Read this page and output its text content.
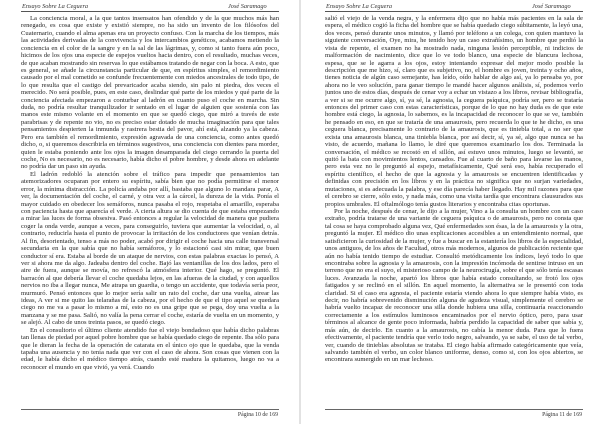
Ensayo Sobre La Ceguera	José Saramago

La conciencia moral, a la que tantos insensatos han ofendido y de la que muchos más han renegado, es cosa que existe y existió siempre, no ha sido un invento de los filósofos del Cuaternario, cuando el alma apenas era un proyecto confuso. Con la marcha de los tiempos, más las actividades derivadas de la convivencia y los intercambios genéticos, acabamos metiendo la conciencia en el color de la sangre y en la sal de las lágrimas, y, como si tanto fuera aún poco, hicimos de los ojos una especie de espejos vueltos hacia dentro, con el resultado, muchas veces, de que acaban mostrando sin reservas lo que estábamos tratando de negar con la boca. A esto, que es general, se añade la circunstancia particular de que, en espíritus simples, el remordimiento causado por el mal cometido se confunde frecuentemente con miedos ancestrales de todo tipo, de lo que resulta que el castigo del prevaricador acaba siendo, sin palo ni piedra, dos veces el merecido. No será posible, pues, en este caso, deslindar qué parte de los miedos y qué parte de la conciencia afectada empezaron a conturbar al ladrón en cuanto puso el coche en marcha. Sin duda, no podría resultar tranquilizador ir sentado en el lugar de alguien que sostenía con las manos este mismo volante en el momento en que se quedó ciego, que miró a través de este parabrisas y de repente no vio, no es preciso estar dotado de mucha imaginación para que tales pensamientos despierten la inmunda y rastrera bestia del pavor, ahí está, alzando ya la cabeza. Pero era también el remordimiento, expresión agravada de una conciencia, como antes quedó dicho, o, si queremos describirla en términos sugestivos, una conciencia con dientes para morder, quien le estaba poniendo ante los ojos la imagen desamparada del ciego cerrando la puerta del coche, No es necesario, no es necesario, había dicho el pobre hombre, y desde ahora en adelante no podría dar un paso sin ayuda.

El ladrón redobló la atención sobre el tráfico para impedir que pensamientos tan atemorizadores ocuparan por entero su espíritu, sabía bien que no podía permitirse el menor error, la mínima distracción. La policía andaba por allí, bastaba que alguno lo mandara parar, A ver, la documentación del coche, el carné, y otra vez a la cárcel, la dureza de la vida. Ponía el mayor cuidado en obedecer los semáforos, nunca pasaba el rojo, respetaba el amarillo, esperaba con paciencia hasta que aparecía el verde. A cierta altura se dio cuenta de que estaba empezando a mirar las luces de forma obsesiva. Pasó entonces a regular la velocidad de manera que pudiera coger la onda verde, aunque a veces, para conseguirlo, tuviera que aumentar la velocidad, o, al contrario, reducirla hasta el punto de provocar la irritación de los conductores que venían detrás. Al fin, desorientado, tenso a más no poder, acabó por dirigir el coche hacia una calle transversal secundaria en la que sabía que no había semáforos, y lo estacionó casi sin mirar, que buen conductor sí era. Estaba al borde de un ataque de nervios, con estas palabras exactas lo pensó, A ver si ahora me da algo. Jadeaba dentro del coche. Bajó las ventanillas de los dos lados, pero el aire de fuera, aunque se movía, no refrescó la atmósfera interior. Qué hago, se preguntó. El barracón al que debería llevar el coche quedaba lejos, en las afueras de la ciudad, y con aquellos nervios no iba a llegar nunca, Me atrapa un guardia, o tengo un accidente, que todavía sería peor, murmuró. Pensó entonces que lo mejor sería salir un rato del coche, dar una vuelta, airear las ideas, A ver si me quito las telarañas de la cabeza, por el hecho de que el tipo aquel se quedara ciego no me va a pasar lo mismo a mí, esto no es una gripe que se pega, doy una vuelta a la manzana y se me pasa. Salió, no valía la pena cerrar el coche, estaría de vuelta en un momento, y se alejó. Al cabo de unos treinta pasos, se quedó ciego.

En el consultorio el último cliente atendido fue el viejo bondadoso que había dicho palabras tan llenas de piedad por aquel pobre hombre que se había quedado ciego de repente. Iba sólo para que le dieran la fecha de la operación de catarata en el único ojo que le quedaba, que la venda tapaba una ausencia y no tenía nada que ver con el caso de ahora. Son cosas que vienen con la edad, le había dicho el médico tiempo atrás, cuando esté madura la quitamos, luego no va a reconocer el mundo en que vivió, ya verá. Cuando

Página 10 de 169
Ensayo Sobre La Ceguera	José Saramago

salió el viejo de la venda negra, y la enfermera dijo que no había más pacientes en la sala de espera, el médico cogió la ficha del hombre que se había quedado ciego súbitamente, la leyó una, dos veces, pensó durante unos minutos, y llamó por teléfono a un colega, con quien mantuvo la siguiente conversación, Oye, mira, he tenido hoy un caso extrañísimo, un hombre que perdió la vista de repente, el examen no ha mostrado nada, ninguna lesión perceptible, ni indicios de malformación de nacimiento, dice que lo ve todo blanco, una especie de blancura lechosa, espesa, que se le agarra a los ojos, estoy intentando expresar del mejor modo posible la descripción que me hizo, sí, claro que es subjetivo, no, el hombre es joven, treinta y ocho años, tienes noticia de algún caso semejante, has leído, oído hablar de algo así, ya lo pensaba yo, por ahora no le veo solución, para ganar tiempo le mandé hacer algunos análisis, sí, podemos verlo juntos uno de estos días, después de cenar voy a echar un vistazo a los libros, revisar bibliografía, a ver si se me ocurre algo, sí, ya sé, la agnosia, la ceguera psíquica, podría ser, pero se trataría entonces del primer caso con estas características, porque de lo que no hay duda es de que este hombre está ciego, la agnosia, lo sabemos, es la incapacidad de reconocer lo que se ve, también he pensado en eso, en que se trataría de una amaurosis, pero recuerda lo que te he dicho, es una ceguera blanca, precisamente lo contrario de la amaurosis, que es tiniebla total, a no ser que exista una amaurosis blanca, una tiniebla blanca, por así decir, sí, ya sé, algo que nunca se ha visto, de acuerdo, mañana lo llamo, le diré que queremos examinarlo los dos. Terminada la conversación, el médico se recostó en el sillón, así estuvo unos minutos, luego se levantó, se quitó la bata con movimientos lentos, cansados. Fue al cuarto de baño para lavarse las manos, pero esta vez no le preguntó al espejo, metafísicamente, Qué será eso, había recuperado el espíritu científico, el hecho de que la agnosia y la amaurosis se encuentren identificadas y definidas con precisión en los libros y en la práctica no significa que no surjan variedades, mutaciones, si es adecuada la palabra, y ese día parecía haber llegado. Hay mil razones para que el cerebro se cierre, sólo esto, y nada más, como una visita tardía que encontrara clausurados sus propios umbrales. El oftalmólogo tenía gustos literarios y encontraba citas oportunas.

Por la noche, después de cenar, le dijo a la mujer, Vino a la consulta un hombre con un caso extraño, podría tratarse de una variante de ceguera psíquica o de amaurosis, pero no consta que tal cosa se haya comprobado alguna vez, Qué enfermedades son ésas, la de la amaurosis y la otra, preguntó la mujer. El médico dio unas explicaciones accesibles a un entendimiento normal, que satisficieron la curiosidad de la mujer, y fue a buscar en la estantería los libros de la especialidad, unos antiguos, de los años de Facultad, otros más modernos, algunos de publicación reciente que aún no había tenido tiempo de estudiar. Consultó metódicamente los índices, leyó todo lo que encontraba sobre la agnosia y la amaurosis, con la impresión incómoda de sentirse intruso en un terreno que no era el suyo, el misterioso campo de la neurocirugía, sobre el que sólo tenía escasas luces. Avanzada la noche, apartó los libros que había estado consultando, se frotó los ojos fatigados y se reclinó en el sillón. En aquel momento, la alternativa se le presentó con toda claridad. Si el caso era agnosia, el paciente estaría viendo ahora lo que siempre había visto, es decir, no habría sobrevenido disminución alguna de agudeza visual, simplemente el cerebro se habría vuelto incapaz de reconocer una silla donde hubiera una silla, continuaría reaccionando correctamente a los estímulos luminosos encaminados por el nervio óptico, pero, para usar términos al alcance de gente poco informada, habría perdido la capacidad de saber que sabía y, más aún, de decirlo. En cuanto a la amaurosis, no cabía la menor duda. Para que lo fuera efectivamente, el paciente tendría que verlo todo negro, salvando, ya se sabe, el uso de tal verbo, ver, cuando de tinieblas absolutas se trataba. El ciego había afirmado categóricamente que veía, salvando también el verbo, un color blanco uniforme, denso, como si, con los ojos abiertos, se encontrara sumergido en un mar lechoso.

Página 11 de 169
